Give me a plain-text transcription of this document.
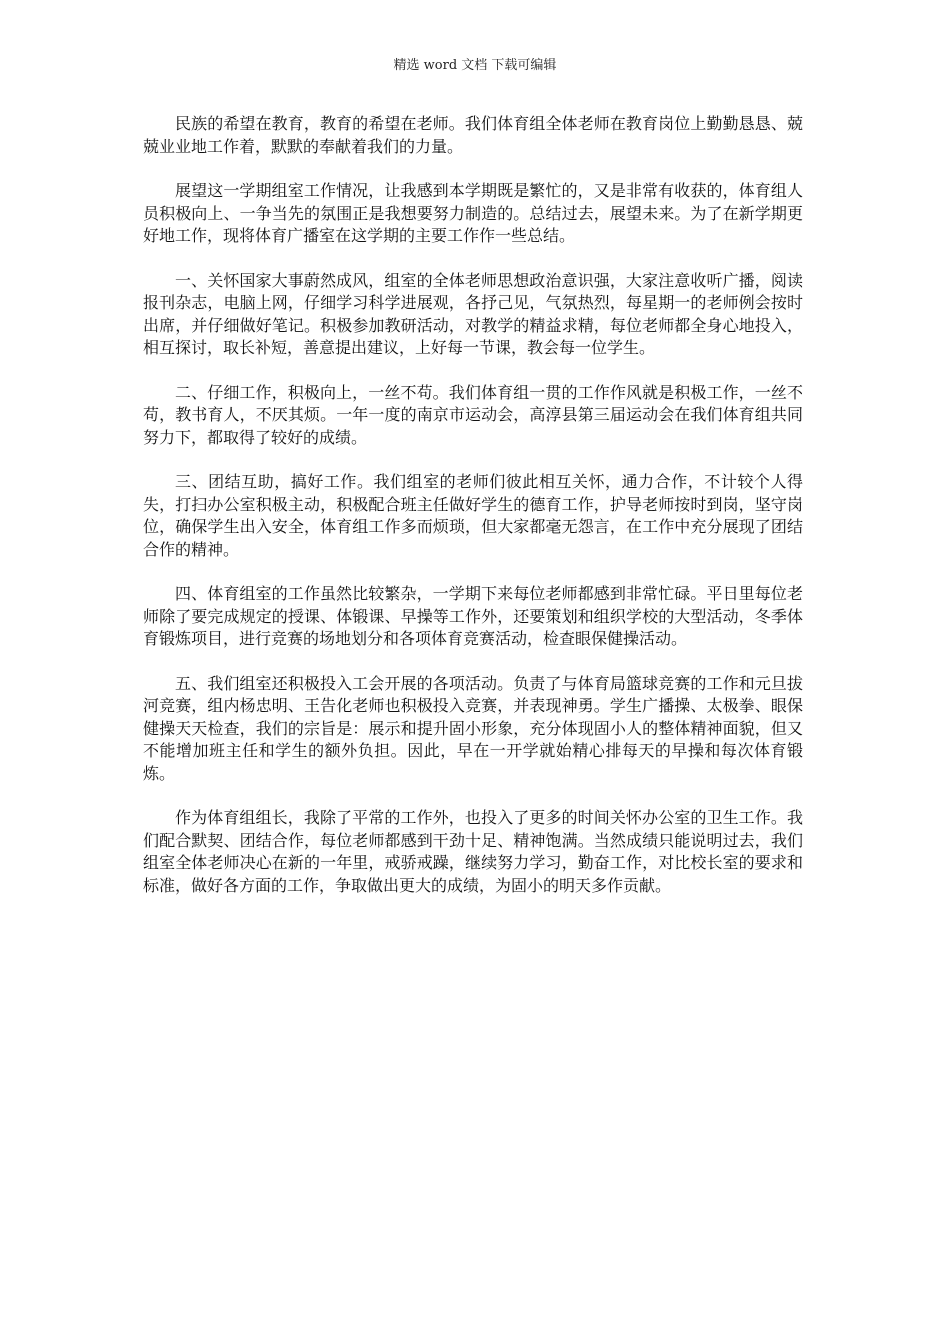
精选 word 文档 下载可编辑

民族的希望在教育，教育的希望在老师。我们体育组全体老师在教育岗位上勤勤恳恳、兢兢业业地工作着，默默的奉献着我们的力量。

展望这一学期组室工作情况，让我感到本学期既是繁忙的，又是非常有收获的，体育组人员积极向上、一争当先的氛围正是我想要努力制造的。总结过去，展望未来。为了在新学期更好地工作，现将体育广播室在这学期的主要工作作一些总结。

一、关怀国家大事蔚然成风，组室的全体老师思想政治意识强，大家注意收听广播，阅读报刊杂志，电脑上网，仔细学习科学进展观，各抒己见，气氛热烈，每星期一的老师例会按时出席，并仔细做好笔记。积极参加教研活动，对教学的精益求精，每位老师都全身心地投入，相互探讨，取长补短，善意提出建议，上好每一节课，教会每一位学生。

二、仔细工作，积极向上，一丝不苟。我们体育组一贯的工作作风就是积极工作，一丝不苟，教书育人，不厌其烦。一年一度的南京市运动会，高淳县第三届运动会在我们体育组共同努力下，都取得了较好的成绩。

三、团结互助，搞好工作。我们组室的老师们彼此相互关怀，通力合作，不计较个人得失，打扫办公室积极主动，积极配合班主任做好学生的德育工作，护导老师按时到岗，坚守岗位，确保学生出入安全，体育组工作多而烦琐，但大家都毫无怨言，在工作中充分展现了团结合作的精神。

四、体育组室的工作虽然比较繁杂，一学期下来每位老师都感到非常忙碌。平日里每位老师除了要完成规定的授课、体锻课、早操等工作外，还要策划和组织学校的大型活动，冬季体育锻炼项目，进行竞赛的场地划分和各项体育竞赛活动，检查眼保健操活动。

五、我们组室还积极投入工会开展的各项活动。负责了与体育局篮球竞赛的工作和元旦拔河竞赛，组内杨忠明、王告化老师也积极投入竞赛，并表现神勇。学生广播操、太极拳、眼保健操天天检查，我们的宗旨是：展示和提升固小形象，充分体现固小人的整体精神面貌，但又不能增加班主任和学生的额外负担。因此，早在一开学就始精心排每天的早操和每次体育锻炼。

作为体育组组长，我除了平常的工作外，也投入了更多的时间关怀办公室的卫生工作。我们配合默契、团结合作，每位老师都感到干劲十足、精神饱满。当然成绩只能说明过去，我们组室全体老师决心在新的一年里，戒骄戒躁，继续努力学习，勤奋工作，对比校长室的要求和标准，做好各方面的工作，争取做出更大的成绩，为固小的明天多作贡献。
